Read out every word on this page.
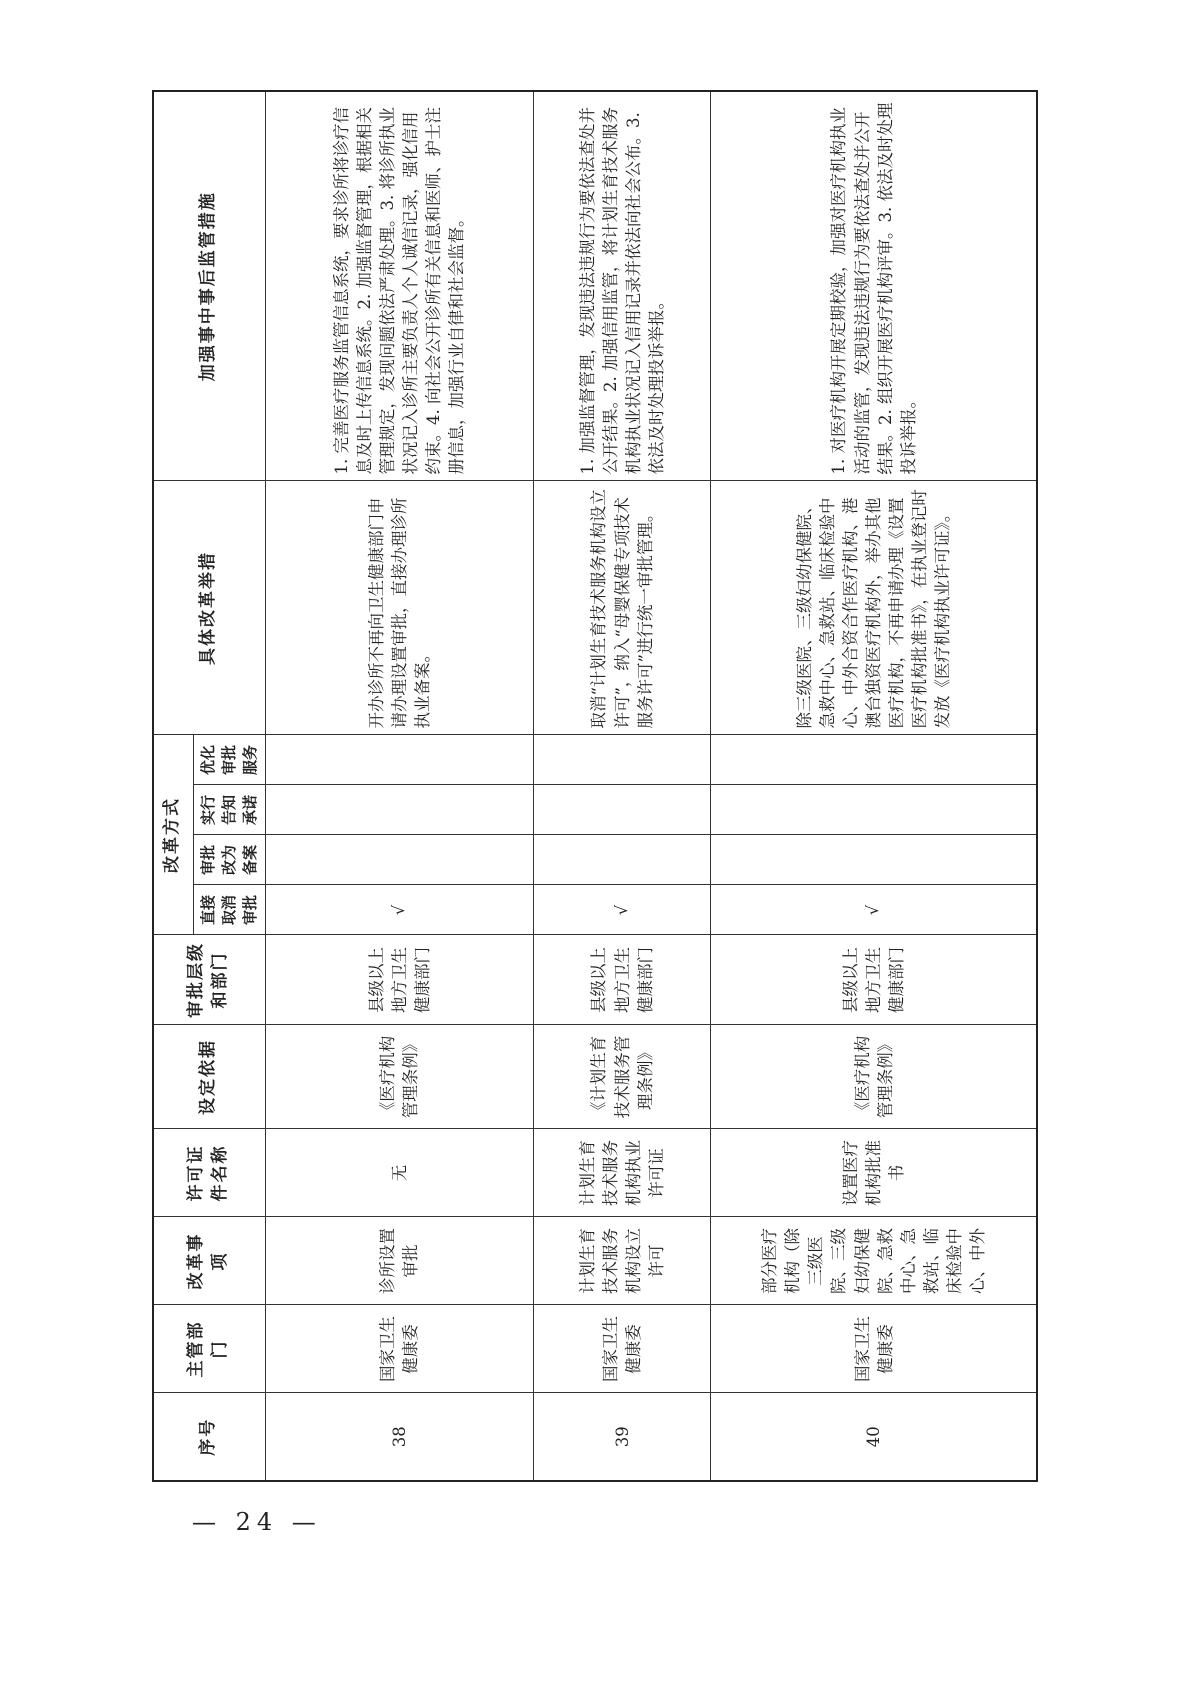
序号	主管部门	改革事项	许可证件名称	设定依据	审批层级和部门	改革方式				具体改革举措	加强事中事后监管措施
						直接取消审批	审批改为备案	实行告知承诺	优化审批服务		
38	国家卫生健康委	诊所设置审批	无	《医疗机构管理条例》	县级以上地方卫生健康部门	√				开办诊所不再向卫生健康部门申请办理设置审批，直接办理诊所执业备案。	1. 完善医疗服务监管信息系统，要求诊所将诊疗信息及时上传信息系统。2. 加强监督管理，根据相关管理规定，发现问题依法严肃处理。3. 将诊所执业状况记入诊所主要负责人个人诚信记录，强化信用约束。4. 向社会公开诊所有关信息和医师、护士注册信息，加强行业自律和社会监督。
39	国家卫生健康委	计划生育技术服务机构设立许可	计划生育技术服务机构执业许可证	《计划生育技术服务管理条例》	县级以上地方卫生健康部门	√				取消“计划生育技术服务机构设立许可”，纳入“母婴保健专项技术服务许可”进行统一审批管理。	1. 加强监督管理，发现违法违规行为要依法查处并公开结果。2. 加强信用监管，将计划生育技术服务机构执业状况记入信用记录并依法向社会公布。3. 依法及时处理投诉举报。
40	国家卫生健康委	部分医疗机构（除三级医院、三级妇幼保健院、急救中心、急救站、临床检验中心、中外	设置医疗机构批准书	《医疗机构管理条例》	县级以上地方卫生健康部门	√				除三级医院、三级妇幼保健院、急救中心、急救站、临床检验中心、中外合资合作医疗机构、港澳台独资医疗机构外，举办其他医疗机构，不再申请办理《设置医疗机构批准书》，在执业登记时发放《医疗机构执业许可证》。	1. 对医疗机构开展定期校验，加强对医疗机构执业活动的监管，发现违法违规行为要依法查处并公开结果。2. 组织开展医疗机构评审。3. 依法及时处理投诉举报。
— 24 —
